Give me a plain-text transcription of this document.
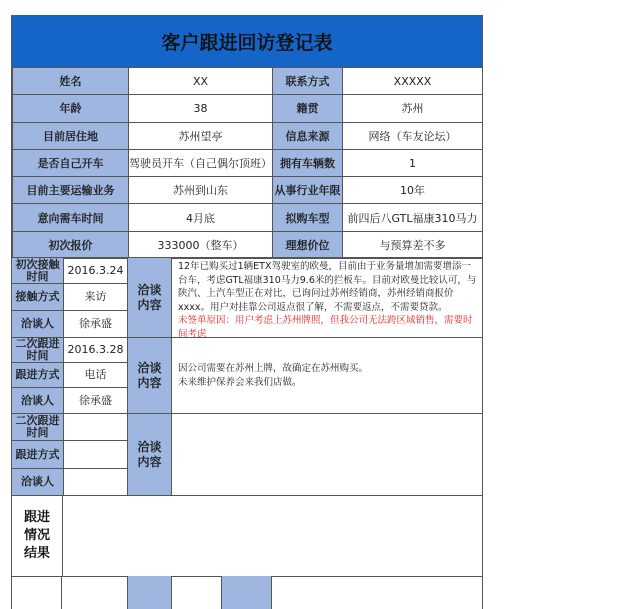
客户跟进回访登记表
姓名	XX	联系方式	XXXXX
年龄	38	籍贯	苏州
目前居住地	苏州望亭	信息来源	网络（车友论坛）
是否自己开车	驾驶员开车（自己偶尔顶班）	拥有车辆数	1
目前主要运输业务	苏州到山东	从事行业年限	10年
意向需车时间	4月底	拟购车型	前四后八GTL福康310马力
初次报价	333000（整车）	理想价位	与预算差不多
初次接触时间	2016.3.24
接触方式	来访
洽谈人	徐承盛
洽谈内容

12年已购买过1辆ETX驾驶室的欧曼，目前由于业务量增加需要增添一台车，考虑GTL福康310马力9.6米的拦板车。目前对欧曼比较认可，与陕汽、上汽车型正在对比，已询问过苏州经销商，苏州经销商报价xxxx。用户对挂靠公司返点很了解，不需要返点，不需要贷款。

未签单原因：用户考虑上苏州牌照，但我公司无法跨区域销售，需要时间考虑

二次跟进时间	2016.3.28
跟进方式	电话
洽谈人	徐承盛
洽谈内容

因公司需要在苏州上牌，故确定在苏州购买。

未来维护保养会来我们店做。

二次跟进时间
跟进方式
洽谈人
洽谈内容
跟进情况结果
